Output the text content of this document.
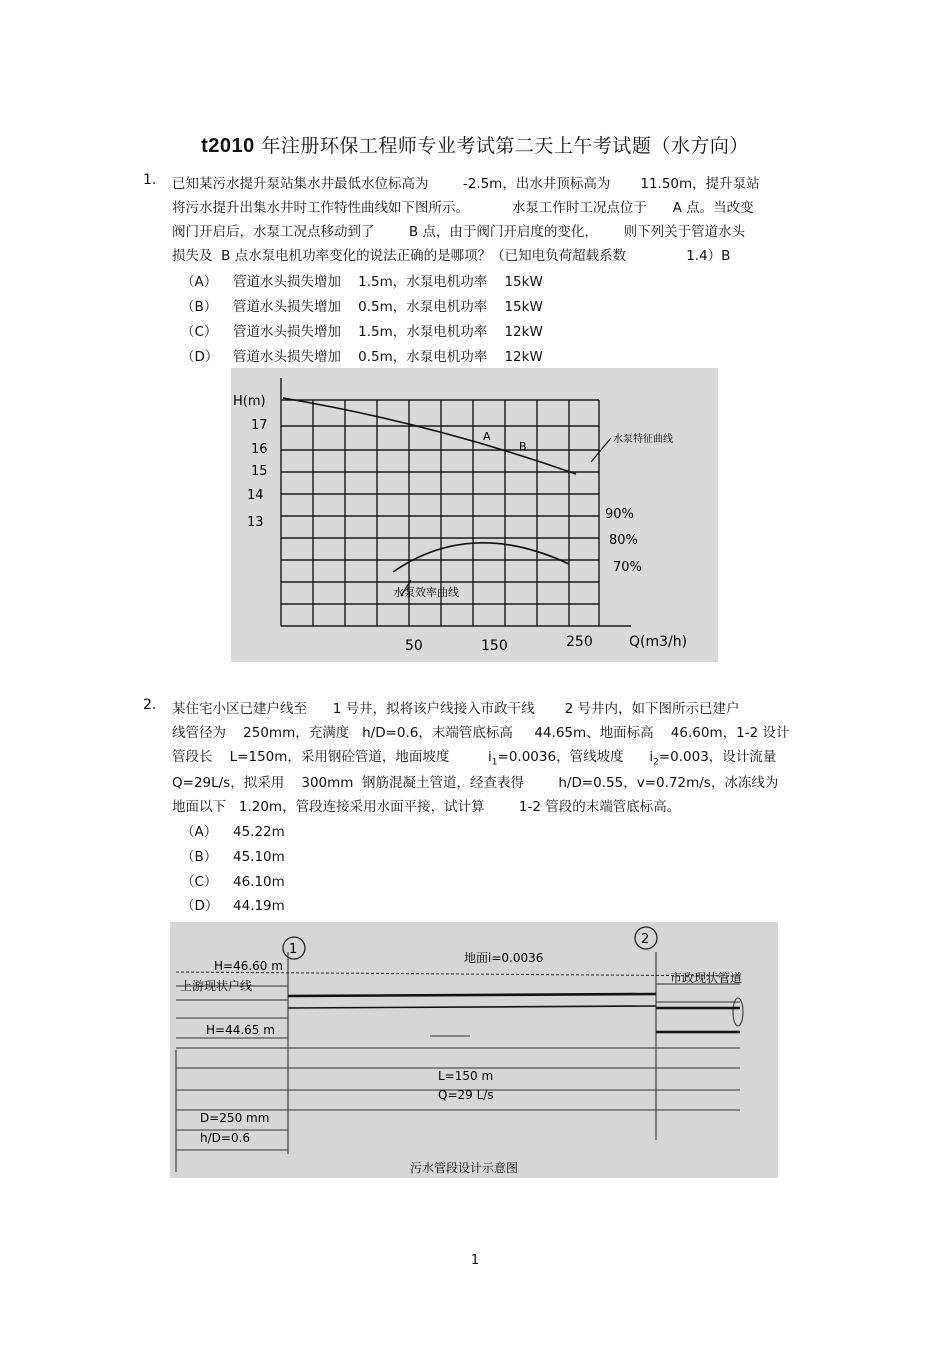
t2010 年注册环保工程师专业考试第二天上午考试题（水方向）
1. 已知某污水提升泵站集水井最低水位标高为        -2.5m，出水井顶标高为       11.50m，提升泵站
将污水提升出集水井时工作特性曲线如下图所示。          水泵工作时工况点位于      A 点。当改变
阀门开启后，水泵工况点移动到了        B 点，由于阀门开启度的变化，      则下列关于管道水头
损失及  B 点水泵电机功率变化的说法正确的是哪项？（已知电负荷超载系数              1.4）B
（A） 管道水头损失增加    1.5m，水泵电机功率    15kW
（B） 管道水头损失增加    0.5m，水泵电机功率    15kW
（C） 管道水头损失增加    1.5m，水泵电机功率    12kW
（D） 管道水头损失增加    0.5m，水泵电机功率    12kW
H(m)
17
16
15
14
13
A
B
水泵特征曲线
90%
80%
70%
水泵效率曲线
50	150	250	Q(m3/h)
2. 某住宅小区已建户线至      1 号井，拟将该户线接入市政干线       2 号井内，如下图所示已建户
线管径为    250mm，充满度   h/D=0.6，末端管底标高     44.65m、地面标高    46.60m，1-2 设计
管段长    L=150m，采用钢砼管道，地面坡度         $i_1=0.0036$，管线坡度 $i_2=0.003$，设计流量
Q=29L/s，拟采用    300mm  钢筋混凝土管道，经查表得        h/D=0.55，v=0.72m/s，冰冻线为
地面以下   1.20m，管段连接采用水面平接，试计算        1-2 管段的末端管底标高。
（A） 45.22m
（B） 45.10m
（C） 46.10m
（D） 44.19m
1
2
H=46.60 m
地面i=0.0036
上游现状户线
市政现状管道
H=44.65 m
L=150 m
Q=29 L/s
D=250 mm
h/D=0.6
污水管段设计示意图
1
